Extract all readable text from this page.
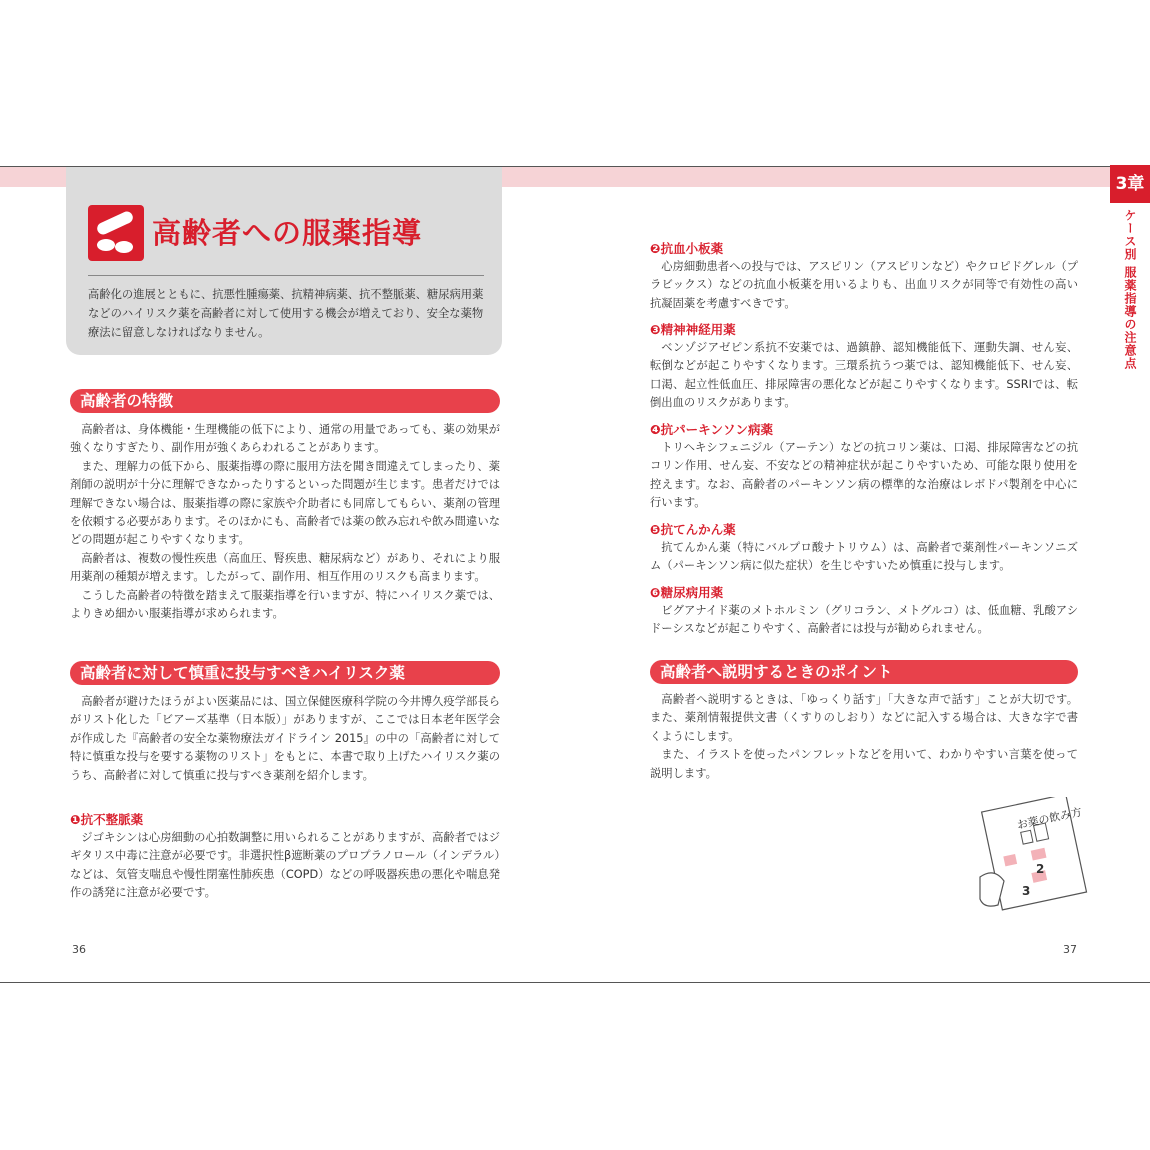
高齢者への服薬指導
高齢化の進展とともに、抗悪性腫瘍薬、抗精神病薬、抗不整脈薬、糖尿病用薬などのハイリスク薬を高齢者に対して使用する機会が増えており、安全な薬物療法に留意しなければなりません。
高齢者の特徴

高齢者は、身体機能・生理機能の低下により、通常の用量であっても、薬の効果が強くなりすぎたり、副作用が強くあらわれることがあります。

また、理解力の低下から、服薬指導の際に服用方法を聞き間違えてしまったり、薬剤師の説明が十分に理解できなかったりするといった問題が生じます。患者だけでは理解できない場合は、服薬指導の際に家族や介助者にも同席してもらい、薬剤の管理を依頼する必要があります。そのほかにも、高齢者では薬の飲み忘れや飲み間違いなどの問題が起こりやすくなります。

高齢者は、複数の慢性疾患（高血圧、腎疾患、糖尿病など）があり、それにより服用薬剤の種類が増えます。したがって、副作用、相互作用のリスクも高まります。

こうした高齢者の特徴を踏まえて服薬指導を行いますが、特にハイリスク薬では、よりきめ細かい服薬指導が求められます。

高齢者に対して慎重に投与すべきハイリスク薬

高齢者が避けたほうがよい医薬品には、国立保健医療科学院の今井博久疫学部長らがリスト化した「ビアーズ基準（日本版）」がありますが、ここでは日本老年医学会が作成した『高齢者の安全な薬物療法ガイドライン 2015』の中の「高齢者に対して特に慎重な投与を要する薬物のリスト」をもとに、本書で取り上げたハイリスク薬のうち、高齢者に対して慎重に投与すべき薬剤を紹介します。

❶抗不整脈薬

ジゴキシンは心房細動の心拍数調整に用いられることがありますが、高齢者ではジギタリス中毒に注意が必要です。非選択性β遮断薬のプロプラノロール（インデラル）などは、気管支喘息や慢性閉塞性肺疾患（COPD）などの呼吸器疾患の悪化や喘息発作の誘発に注意が必要です。

36
❷抗血小板薬

心房細動患者への投与では、アスピリン（アスピリンなど）やクロピドグレル（プラビックス）などの抗血小板薬を用いるよりも、出血リスクが同等で有効性の高い抗凝固薬を考慮すべきです。

❸精神神経用薬

ベンゾジアゼピン系抗不安薬では、過鎮静、認知機能低下、運動失調、せん妄、転倒などが起こりやすくなります。三環系抗うつ薬では、認知機能低下、せん妄、口渇、起立性低血圧、排尿障害の悪化などが起こりやすくなります。SSRIでは、転倒出血のリスクがあります。

❹抗パーキンソン病薬

トリヘキシフェニジル（アーテン）などの抗コリン薬は、口渇、排尿障害などの抗コリン作用、せん妄、不安などの精神症状が起こりやすいため、可能な限り使用を控えます。なお、高齢者のパーキンソン病の標準的な治療はレボドパ製剤を中心に行います。

❺抗てんかん薬

抗てんかん薬（特にバルプロ酸ナトリウム）は、高齢者で薬剤性パーキンソニズム（パーキンソン病に似た症状）を生じやすいため慎重に投与します。

❻糖尿病用薬

ビグアナイド薬のメトホルミン（グリコラン、メトグルコ）は、低血糖、乳酸アシドーシスなどが起こりやすく、高齢者には投与が勧められません。

高齢者へ説明するときのポイント

高齢者へ説明するときは、「ゆっくり話す」「大きな声で話す」ことが大切です。また、薬剤情報提供文書（くすりのしおり）などに記入する場合は、大きな字で書くようにします。

また、イラストを使ったパンフレットなどを用いて、わかりやすい言葉を使って説明します。

お薬の飲み方
2
3
37
3章
ケース別 服薬指導の注意点
